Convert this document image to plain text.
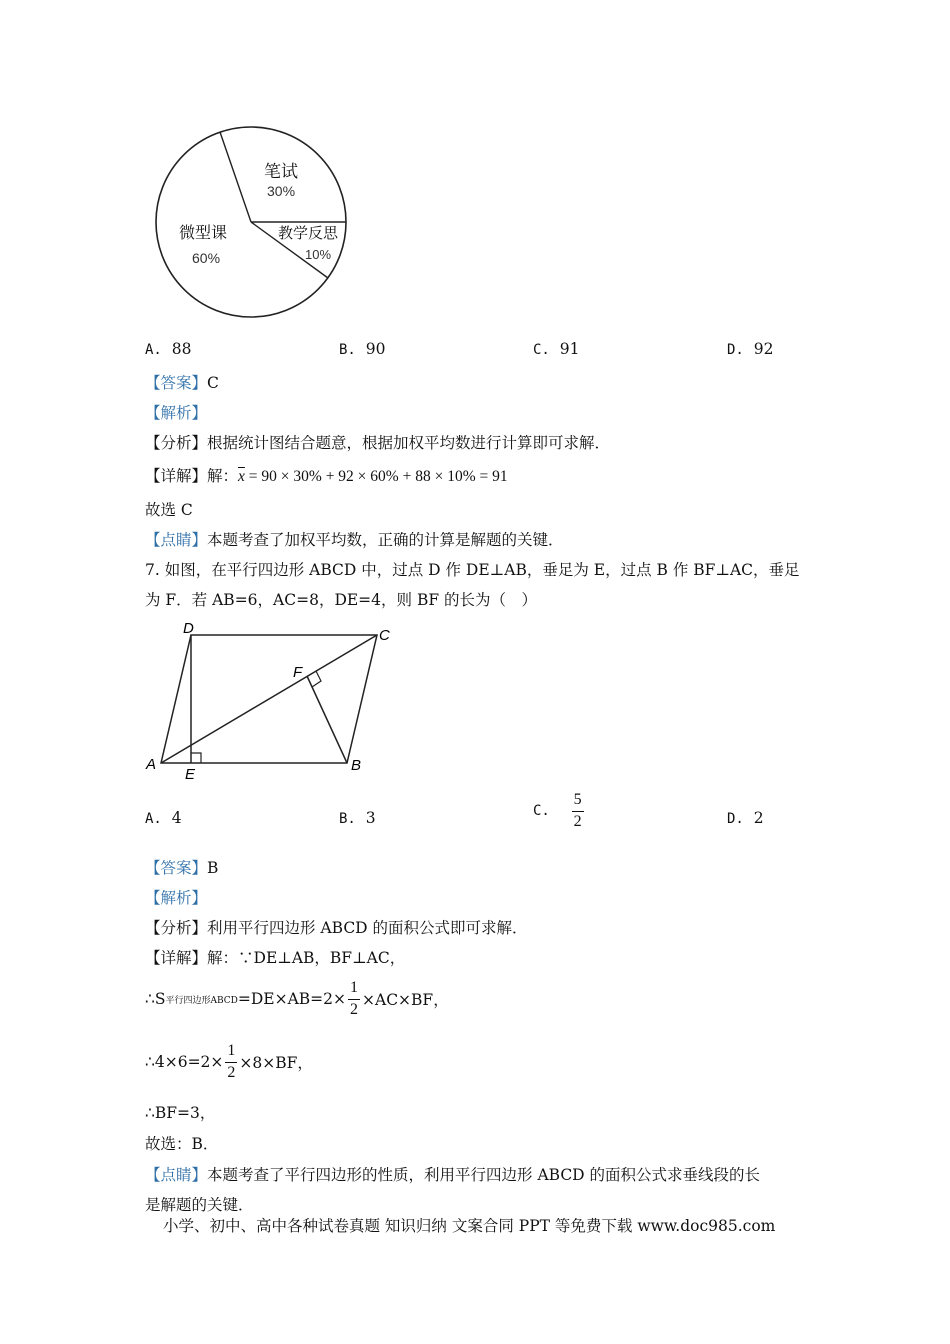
笔试
30%
教学反思
10%
微型课
60%
A. 88	B. 90	C. 91	D. 92
【答案】C
【解析】
【分析】根据统计图结合题意，根据加权平均数进行计算即可求解．
【详解】解：$\overline{x} = 90 \times 30\% + 92 \times 60\% + 88 \times 10\% = 91$
故选 C
【点睛】本题考查了加权平均数，正确的计算是解题的关键．
7. 如图，在平行四边形 ABCD 中，过点 D 作 DE⊥AB，垂足为 E，过点 B 作 BF⊥AC，垂足
为 F．若 AB=6，AC=8，DE=4，则 BF 的长为（　）
A	B
C
D
E
F
A. 4	B. 3	C.
$\frac{5}{2}$	D. 2
【答案】B
【解析】
【分析】利用平行四边形 ABCD 的面积公式即可求解．
【详解】解：∵DE⊥AB，BF⊥AC，
∴S 平行四边形ABCD $=DE\times AB=2\times \frac{1}{2} \times AC\times BF$，
∴4×6=2× $\frac{1}{2} \times 8\times BF$，
∴BF=3，
故选：B．
【点睛】本题考查了平行四边形的性质，利用平行四边形 ABCD 的面积公式求垂线段的长
是解题的关键．
小学、初中、高中各种试卷真题 知识归纳 文案合同 PPT 等免费下载 www.doc985.com
